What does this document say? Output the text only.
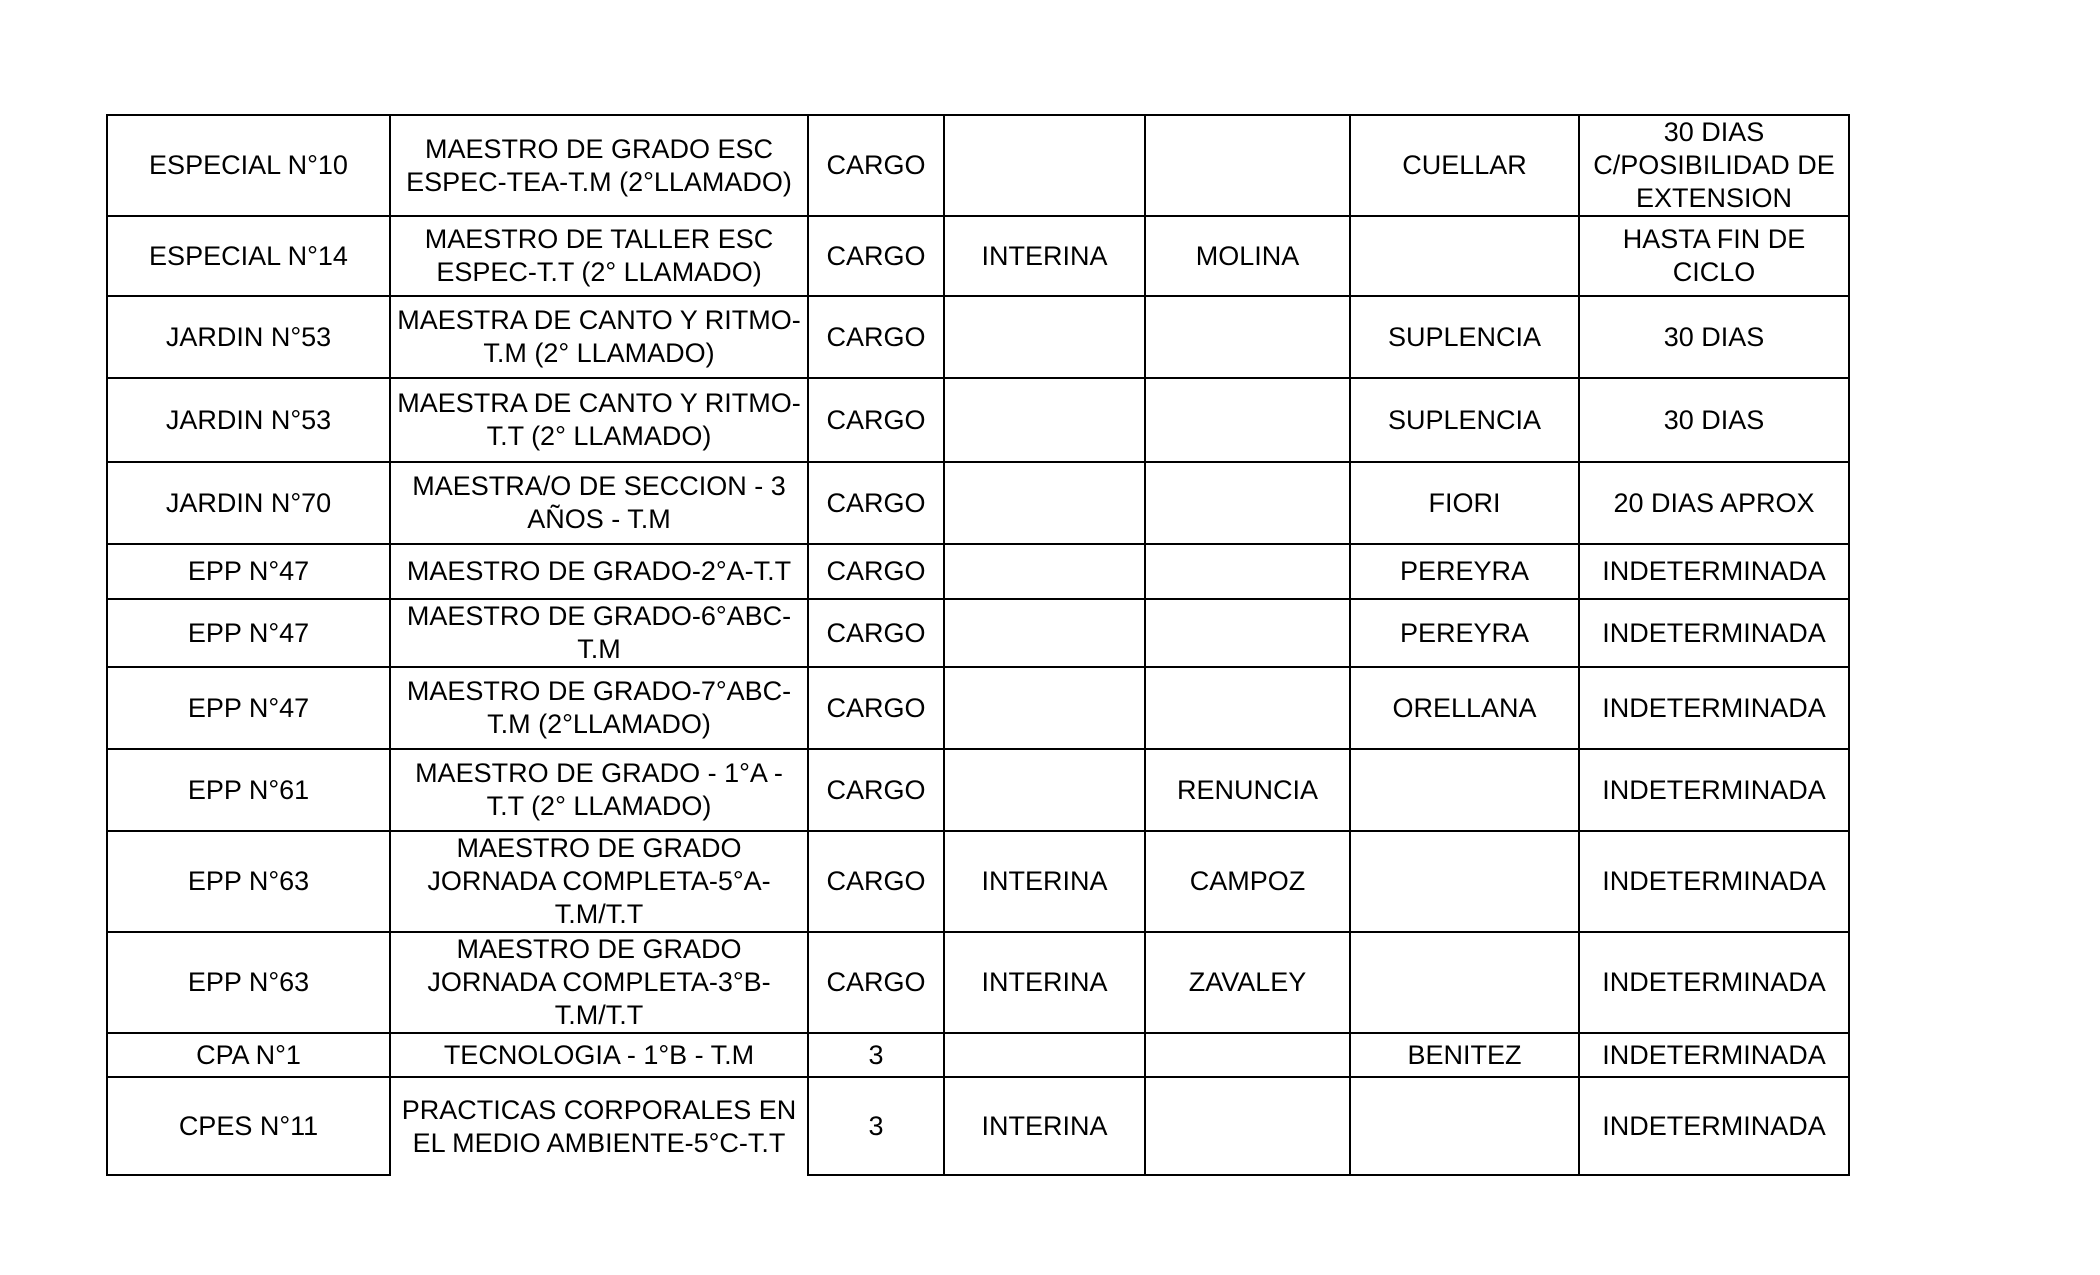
ESPECIAL N°10	MAESTRO DE GRADO ESC ESPEC-TEA-T.M (2°LLAMADO)	CARGO			CUELLAR	30 DIAS C/POSIBILIDAD DE EXTENSION
ESPECIAL N°14	MAESTRO DE TALLER ESC ESPEC-T.T (2° LLAMADO)	CARGO	INTERINA	MOLINA		HASTA FIN DE CICLO
JARDIN N°53	MAESTRA DE CANTO Y RITMO-T.M (2° LLAMADO)	CARGO			SUPLENCIA	30 DIAS
JARDIN N°53	MAESTRA DE CANTO Y RITMO-T.T (2° LLAMADO)	CARGO			SUPLENCIA	30 DIAS
JARDIN N°70	MAESTRA/O DE SECCION - 3 AÑOS - T.M	CARGO			FIORI	20 DIAS APROX
EPP N°47	MAESTRO DE GRADO-2°A-T.T	CARGO			PEREYRA	INDETERMINADA
EPP N°47	MAESTRO DE GRADO-6°ABC-T.M	CARGO			PEREYRA	INDETERMINADA
EPP N°47	MAESTRO DE GRADO-7°ABC-T.M (2°LLAMADO)	CARGO			ORELLANA	INDETERMINADA
EPP N°61	MAESTRO DE GRADO - 1°A - T.T (2° LLAMADO)	CARGO		RENUNCIA		INDETERMINADA
EPP N°63	MAESTRO DE GRADO JORNADA COMPLETA-5°A-T.M/T.T	CARGO	INTERINA	CAMPOZ		INDETERMINADA
EPP N°63	MAESTRO DE GRADO JORNADA COMPLETA-3°B-T.M/T.T	CARGO	INTERINA	ZAVALEY		INDETERMINADA
CPA N°1	TECNOLOGIA - 1°B - T.M	3			BENITEZ	INDETERMINADA
CPES N°11	PRACTICAS CORPORALES EN EL MEDIO AMBIENTE-5°C-T.T	3	INTERINA			INDETERMINADA
